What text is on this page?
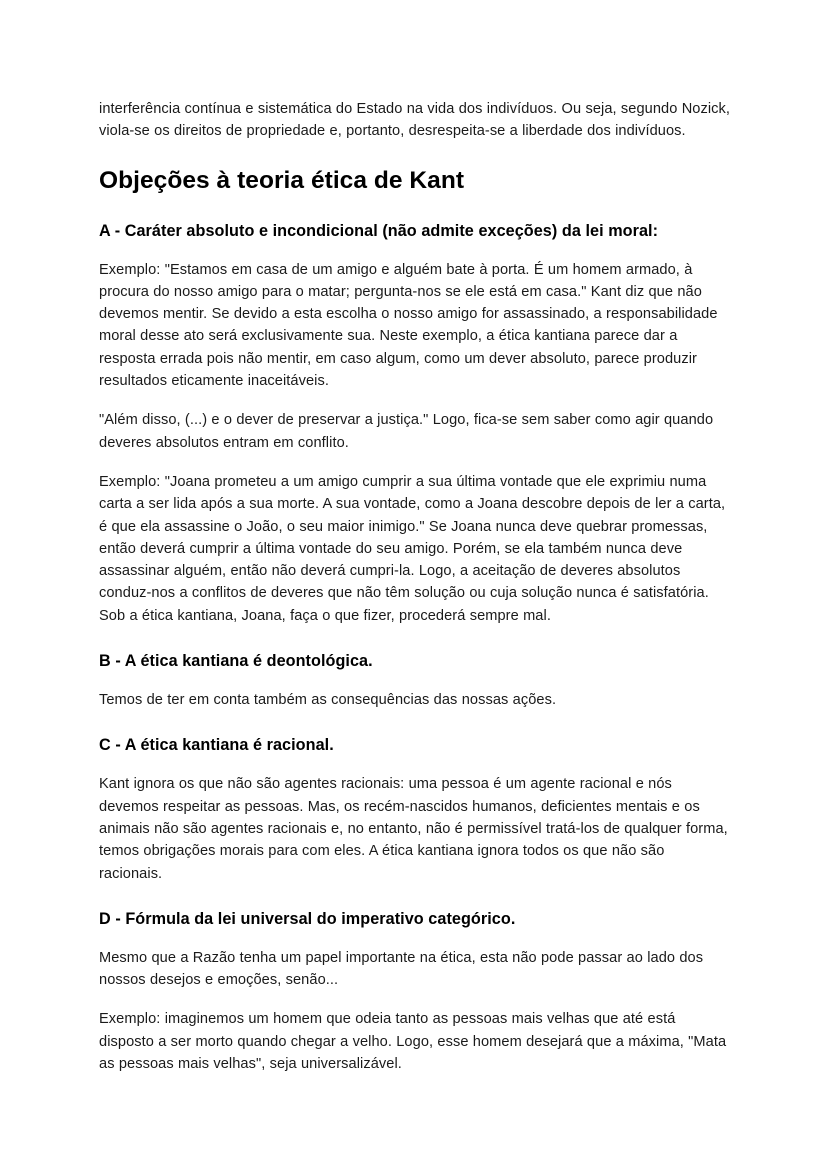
interferência contínua e sistemática do Estado na vida dos indivíduos. Ou seja, segundo Nozick, viola-se os direitos de propriedade e, portanto, desrespeita-se a liberdade dos indivíduos.

Objeções à teoria ética de Kant
A - Caráter absoluto e incondicional (não admite exceções) da lei moral:

Exemplo: "Estamos em casa de um amigo e alguém bate à porta. É um homem armado, à procura do nosso amigo para o matar; pergunta-nos se ele está em casa." Kant diz que não devemos mentir. Se devido a esta escolha o nosso amigo for assassinado, a responsabilidade moral desse ato será exclusivamente sua. Neste exemplo, a ética kantiana parece dar a resposta errada pois não mentir, em caso algum, como um dever absoluto, parece produzir resultados eticamente inaceitáveis.

"Além disso, (...) e o dever de preservar a justiça." Logo, fica-se sem saber como agir quando deveres absolutos entram em conflito.

Exemplo: "Joana prometeu a um amigo cumprir a sua última vontade que ele exprimiu numa carta a ser lida após a sua morte. A sua vontade, como a Joana descobre depois de ler a carta, é que ela assassine o João, o seu maior inimigo." Se Joana nunca deve quebrar promessas, então deverá cumprir a última vontade do seu amigo. Porém, se ela também nunca deve assassinar alguém, então não deverá cumpri-la. Logo, a aceitação de deveres absolutos conduz-nos a conflitos de deveres que não têm solução ou cuja solução nunca é satisfatória. Sob a ética kantiana, Joana, faça o que fizer, procederá sempre mal.

B - A ética kantiana é deontológica.

Temos de ter em conta também as consequências das nossas ações.

C - A ética kantiana é racional.

Kant ignora os que não são agentes racionais: uma pessoa é um agente racional e nós devemos respeitar as pessoas. Mas, os recém-nascidos humanos, deficientes mentais e os animais não são agentes racionais e, no entanto, não é permissível tratá-los de qualquer forma, temos obrigações morais para com eles. A ética kantiana ignora todos os que não são racionais.

D - Fórmula da lei universal do imperativo categórico.

Mesmo que a Razão tenha um papel importante na ética, esta não pode passar ao lado dos nossos desejos e emoções, senão...

Exemplo: imaginemos um homem que odeia tanto as pessoas mais velhas que até está disposto a ser morto quando chegar a velho. Logo, esse homem desejará que a máxima, "Mata as pessoas mais velhas", seja universalizável.
